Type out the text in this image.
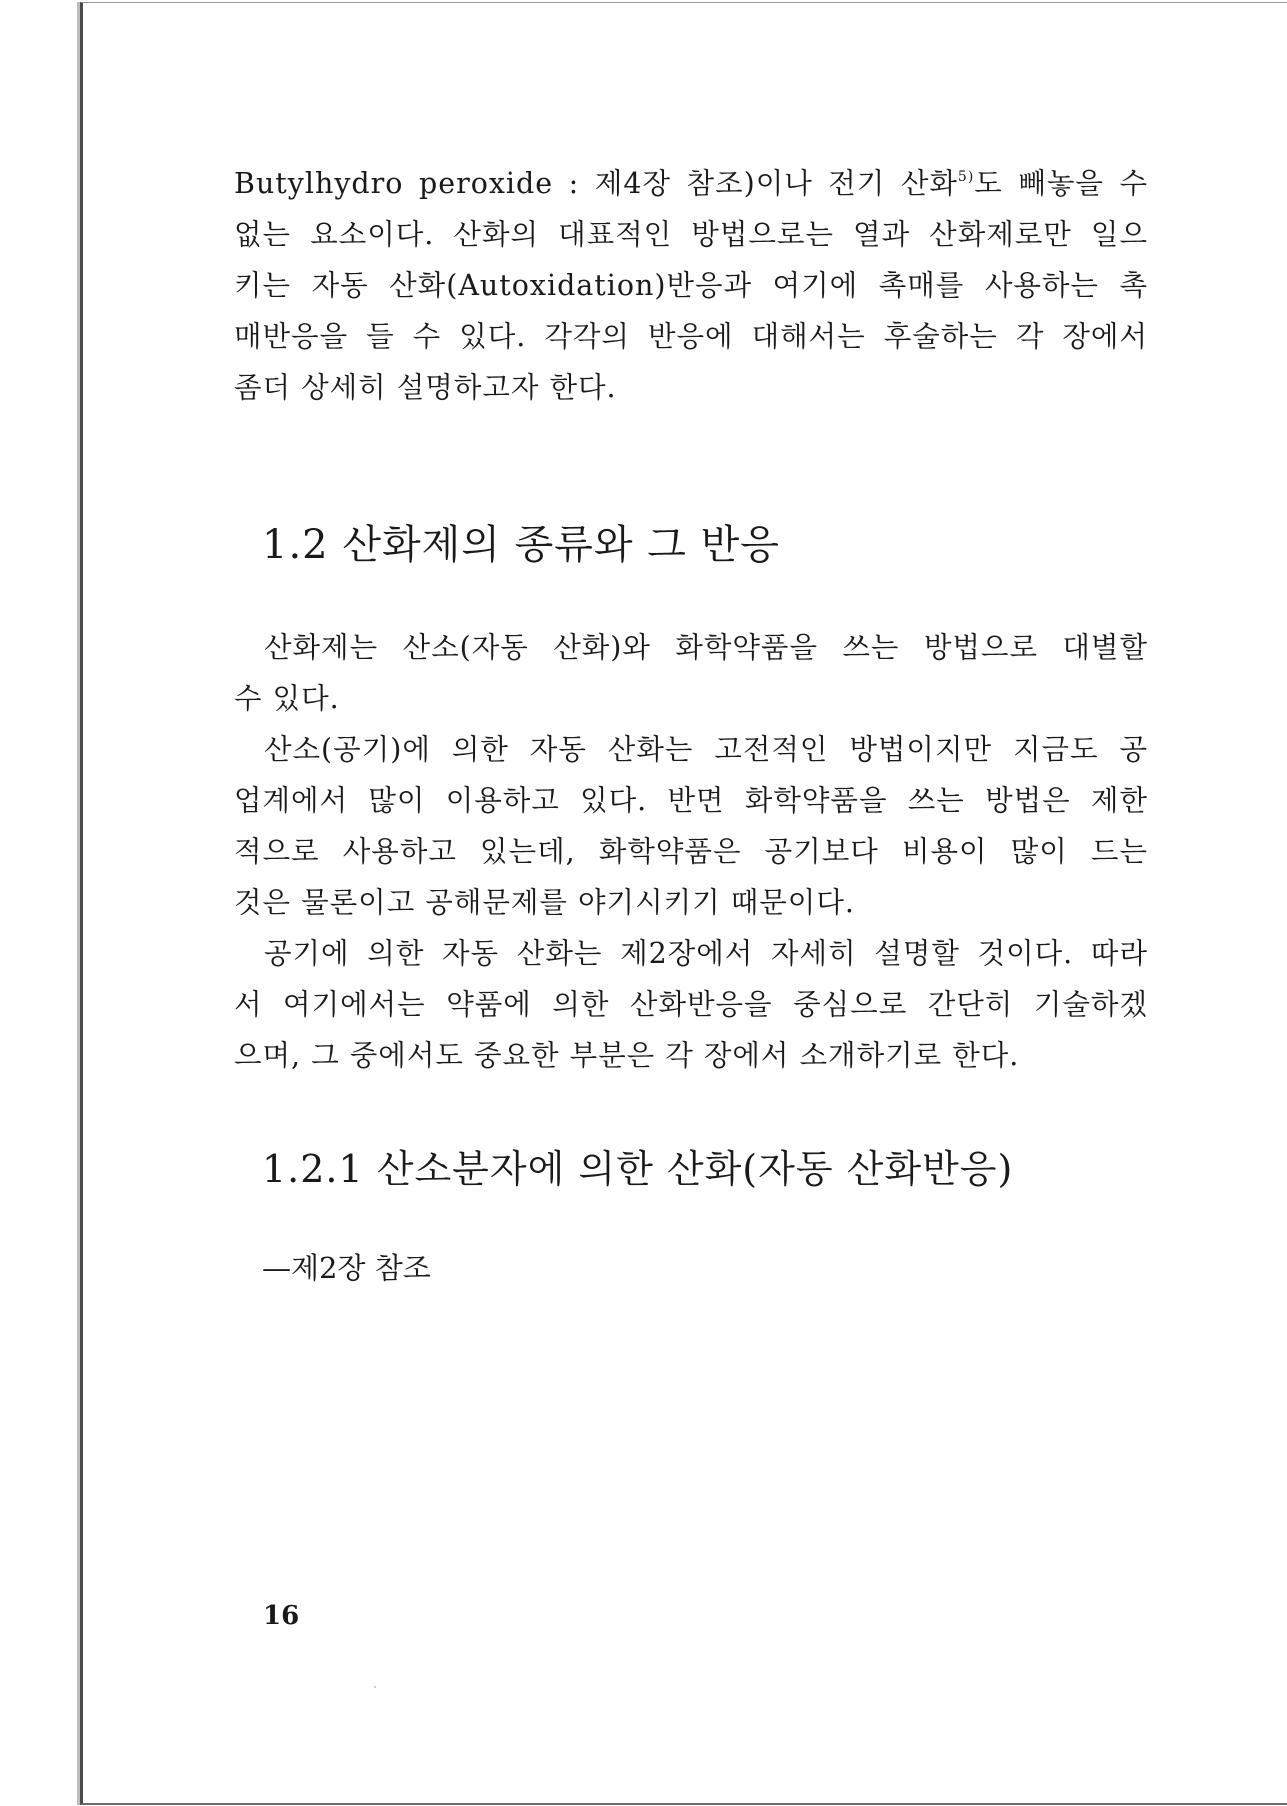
Butylhydro peroxide : 제4장 참조)이나 전기 산화$^{5)}$도 빼놓을 수
없는 요소이다. 산화의 대표적인 방법으로는 열과 산화제로만 일으
키는 자동 산화(Autoxidation)반응과 여기에 촉매를 사용하는 촉
매반응을 들 수 있다. 각각의 반응에 대해서는 후술하는 각 장에서
좀더 상세히 설명하고자 한다.
1.2 산화제의 종류와 그 반응
산화제는 산소(자동 산화)와 화학약품을 쓰는 방법으로 대별할
수 있다.
산소(공기)에 의한 자동 산화는 고전적인 방법이지만 지금도 공
업계에서 많이 이용하고 있다. 반면 화학약품을 쓰는 방법은 제한
적으로 사용하고 있는데, 화학약품은 공기보다 비용이 많이 드는
것은 물론이고 공해문제를 야기시키기 때문이다.
공기에 의한 자동 산화는 제2장에서 자세히 설명할 것이다. 따라
서 여기에서는 약품에 의한 산화반응을 중심으로 간단히 기술하겠
으며, 그 중에서도 중요한 부분은 각 장에서 소개하기로 한다.
1.2.1 산소분자에 의한 산화(자동 산화반응)

—제2장 참조

16
